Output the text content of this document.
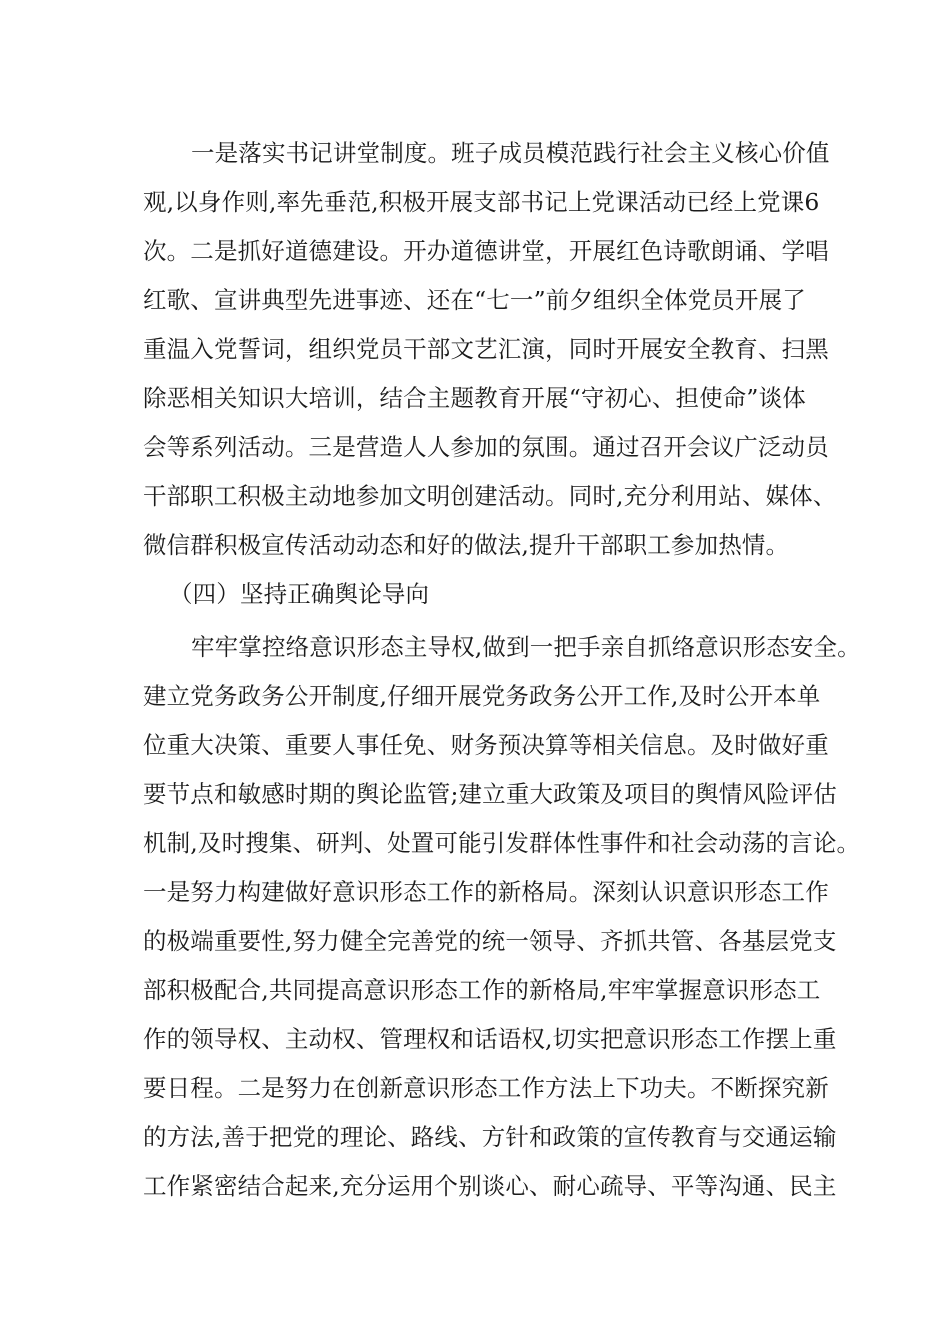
一是落实书记讲堂制度。班子成员模范践行社会主义核心价值
观,以身作则,率先垂范,积极开展支部书记上党课活动已经上党课6
次。二是抓好道德建设。开办道德讲堂，开展红色诗歌朗诵、学唱
红歌、宣讲典型先进事迹、还在“七一”前夕组织全体党员开展了
重温入党誓词，组织党员干部文艺汇演，同时开展安全教育、扫黑
除恶相关知识大培训，结合主题教育开展“守初心、担使命”谈体
会等系列活动。三是营造人人参加的氛围。通过召开会议广泛动员
干部职工积极主动地参加文明创建活动。同时,充分利用站、媒体、
微信群积极宣传活动动态和好的做法,提升干部职工参加热情。
（四）坚持正确舆论导向
牢牢掌控络意识形态主导权,做到一把手亲自抓络意识形态安全。
建立党务政务公开制度,仔细开展党务政务公开工作,及时公开本单
位重大决策、重要人事任免、财务预决算等相关信息。及时做好重
要节点和敏感时期的舆论监管;建立重大政策及项目的舆情风险评估
机制,及时搜集、研判、处置可能引发群体性事件和社会动荡的言论。
一是努力构建做好意识形态工作的新格局。深刻认识意识形态工作
的极端重要性,努力健全完善党的统一领导、齐抓共管、各基层党支
部积极配合,共同提高意识形态工作的新格局,牢牢掌握意识形态工
作的领导权、主动权、管理权和话语权,切实把意识形态工作摆上重
要日程。二是努力在创新意识形态工作方法上下功夫。不断探究新
的方法,善于把党的理论、路线、方针和政策的宣传教育与交通运输
工作紧密结合起来,充分运用个别谈心、耐心疏导、平等沟通、民主
